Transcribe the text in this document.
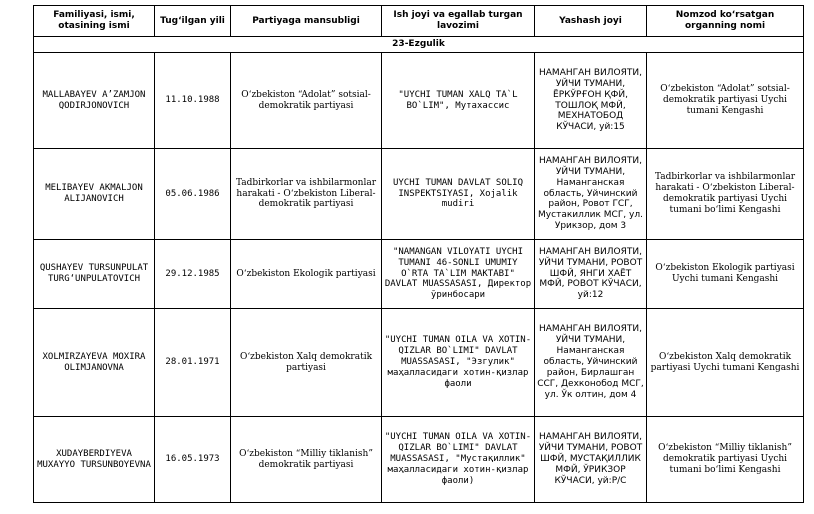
Familiyasi, ismi, otasining ismi	Tug‘ilgan yili	Partiyaga mansubligi	Ish joyi va egallab turgan lavozimi	Yashash joyi	Nomzod ko‘rsatgan organning nomi
23-Ezgulik					
MALLABAYEV A’ZAMJON QODIRJONOVICH	11.10.1988	O‘zbekiston “Adolat” sotsial-demokratik partiyasi	"UYCHI TUMAN XALQ TA`L BO`LIM", Мутахассис	НАМАНГАН ВИЛОЯТИ, УЙЧИ ТУМАНИ, ЁРКЎРҒОН ҚФЙ, ТОШЛОҚ МФЙ, МЕХНАТОБОД КЎЧАСИ, уй:15	O‘zbekiston “Adolat” sotsial-demokratik partiyasi Uychi tumani Kengashi
MELIBAYEV AKMALJON ALIJANOVICH	05.06.1986	Tadbirkorlar va ishbilarmonlar harakati - O‘zbekiston Liberal-demokratik partiyasi	UYCHI TUMAN DAVLAT SOLIQ INSPEKTSIYASI, Xojalik mudiri	НАМАНГАН ВИЛОЯТИ, УЙЧИ ТУМАНИ, Наманганская область, Уйчинский район, Ровот ГСГ, Мустакиллик МСГ, ул. Урикзор, дом 3	Tadbirkorlar va ishbilarmonlar harakati - O‘zbekiston Liberal-demokratik partiyasi Uychi tumani bo‘limi Kengashi
QUSHAYEV TURSUNPULAT TURG‘UNPULATOVICH	29.12.1985	O‘zbekiston Ekologik partiyasi	"NAMANGAN VILOYATI UYCHI TUMANI 46-SONLI UMUMIY O`RTA TA`LIM MAKTABI" DAVLAT MUASSASASI, Директор ўринбосари	НАМАНГАН ВИЛОЯТИ, УЙЧИ ТУМАНИ, РОВОТ ШФЙ, ЯНГИ ХАЁТ МФЙ, РОВОТ КЎЧАСИ, уй:12	O‘zbekiston Ekologik partiyasi Uychi tumani Kengashi
XOLMIRZAYEVA MOXIRA OLIMJANOVNA	28.01.1971	O‘zbekiston Xalq demokratik partiyasi	"UYCHI TUMAN OILA VA XOTIN-QIZLAR BO`LIMI" DAVLAT MUASSASASI, "Эзгулик" маҳалласидаги хотин-қизлар фаоли	НАМАНГАН ВИЛОЯТИ, УЙЧИ ТУМАНИ, Наманганская область, Уйчинский район, Бирлашган ССГ, Дехконобод МСГ, ул. Ўк олтин, дом 4	O‘zbekiston Xalq demokratik partiyasi Uychi tumani Kengashi
XUDAYBERDIYEVA MUXAYYO TURSUNBOYEVNA	16.05.1973	O‘zbekiston “Milliy tiklanish” demokratik partiyasi	"UYCHI TUMAN OILA VA XOTIN-QIZLAR BO`LIMI" DAVLAT MUASSASASI, "Мустақиллик" маҳалласидаги хотин-қизлар фаоли)	НАМАНГАН ВИЛОЯТИ, УЙЧИ ТУМАНИ, РОВОТ ШФЙ, МУСТАҚИЛЛИК МФЙ, ЎРИКЗОР КЎЧАСИ, уй:Р/С	O‘zbekiston “Milliy tiklanish” demokratik partiyasi Uychi tumani bo‘limi Kengashi
